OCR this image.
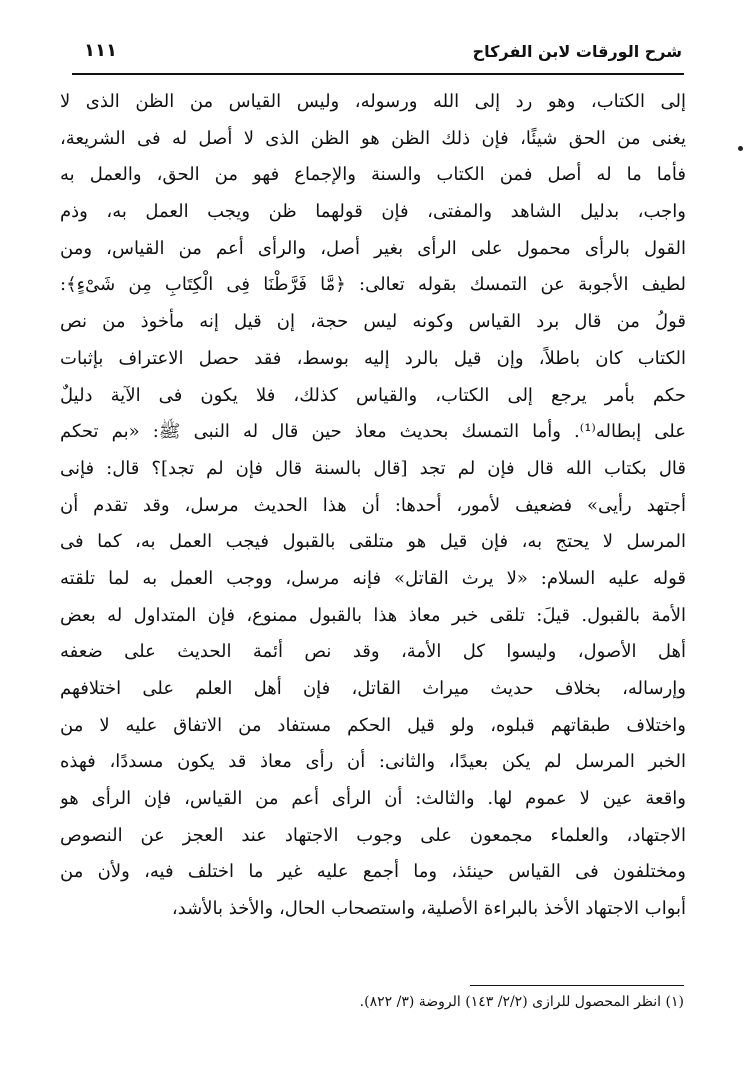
١١١	شرح الورقات لابن الفركاح
إلى الكتاب، وهو رد إلى الله ورسوله، وليس القياس من الظن الذى لا
يغنى من الحق شيئًا، فإن ذلك الظن هو الظن الذى لا أصل له فى الشريعة،
فأما ما له أصل فمن الكتاب والسنة والإجماع فهو من الحق، والعمل به
واجب، بدليل الشاهد والمفتى، فإن قولهما ظن ويجب العمل به، وذم
القول بالرأى محمول على الرأى بغير أصل، والرأى أعم من القياس، ومن
لطيف الأجوبة عن التمسك بقوله تعالى: ﴿مَّا فَرَّطْنَا فِى الْكِتَابِ مِن شَىْءٍ﴾:
قولُ من قال برد القياس وكونه ليس حجة، إن قيل إنه مأخوذ من نص
الكتاب كان باطلاً، وإن قيل بالرد إليه بوسط، فقد حصل الاعتراف بإثبات
حكم بأمر يرجع إلى الكتاب، والقياس كذلك، فلا يكون فى الآية دليلٌ
على إبطاله⁽¹⁾. وأما التمسك بحديث معاذ حين قال له النبى ﷺ: «بم تحكم
قال بكتاب الله قال فإن لم تجد [قال بالسنة قال فإن لم تجد]؟ قال: فإنى
أجتهد رأيى» فضعيف لأمور، أحدها: أن هذا الحديث مرسل، وقد تقدم أن
المرسل لا يحتج به، فإن قيل هو متلقى بالقبول فيجب العمل به، كما فى
قوله عليه السلام: «لا يرث القاتل» فإنه مرسل، ووجب العمل به لما تلقته
الأمة بالقبول. قيلَ: تلقى خبر معاذ هذا بالقبول ممنوع، فإن المتداول له بعض
أهل الأصول، وليسوا كل الأمة، وقد نص أئمة الحديث على ضعفه
وإرساله، بخلاف حديث ميراث القاتل، فإن أهل العلم على اختلافهم
واختلاف طبقاتهم قبلوه، ولو قيل الحكم مستفاد من الاتفاق عليه لا من
الخبر المرسل لم يكن بعيدًا، والثانى: أن رأى معاذ قد يكون مسددًا، فهذه
واقعة عين لا عموم لها. والثالث: أن الرأى أعم من القياس، فإن الرأى هو
الاجتهاد، والعلماء مجمعون على وجوب الاجتهاد عند العجز عن النصوص
ومختلفون فى القياس حينئذ، وما أجمع عليه غير ما اختلف فيه، ولأن من
أبواب الاجتهاد الأخذ بالبراءة الأصلية، واستصحاب الحال، والأخذ بالأشد،
(١) انظر المحصول للرازى (٢/٢/ ١٤٣) الروضة (٣/ ٨٢٢).
